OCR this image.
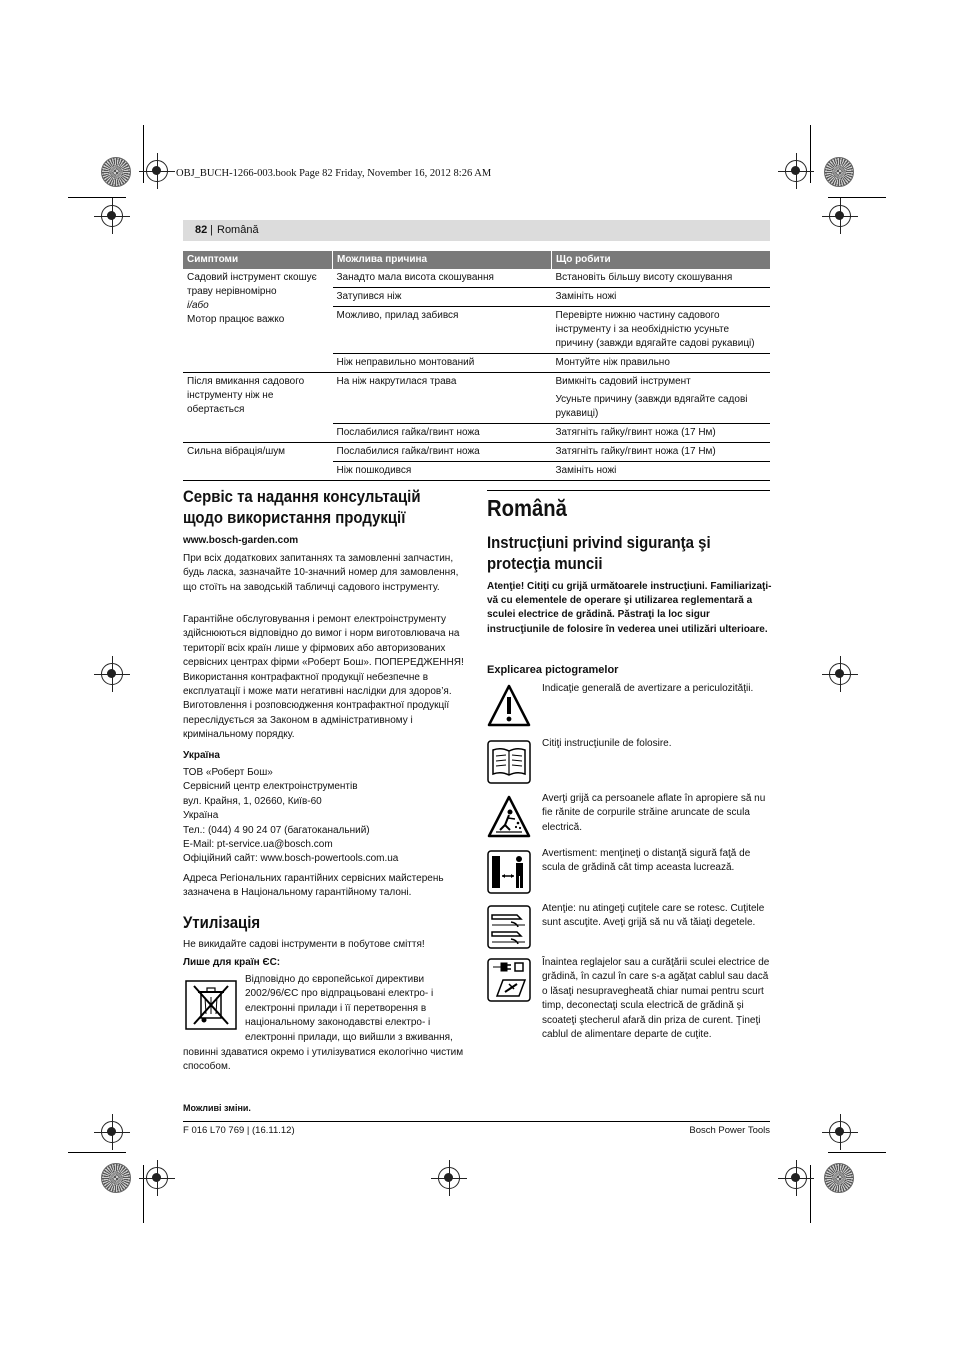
OBJ_BUCH-1266-003.book Page 82 Friday, November 16, 2012 8:26 AM
82 | Română
Симптоми	Можлива причина	Що робити

Садовий інструмент скошує траву нерівномірно
і/або
Мотор працює важко	Занадто мала висота скошування	Встановіть більшу висоту скошування
	Затупився ніж	Замініть ножі
	Можливо, прилад забився	Перевірте нижню частину садового інструменту і за необхідністю усуньте причину (завжди вдягайте садові рукавиці)
	Ніж неправильно монтований	Монтуйте ніж правильно
Після вмикання садового інструменту ніж не обертається	На ніж накрутилася трава	Вимкніть садовий інструмент
Усуньте причину (завжди вдягайте садові рукавиці)

	Послабилися гайка/гвинт ножа	Затягніть гайку/гвинт ножа (17 Нм)
Сильна вібрація/шум	Послабилися гайка/гвинт ножа	Затягніть гайку/гвинт ножа (17 Нм)
	Ніж пошкодився	Замініть ножі
Сервіс та надання консультацій щодо використання продукції
www.bosch-garden.com
При всіх додаткових запитаннях та замовленні запчастин, будь ласка, зазначайте 10-значний номер для замовлення, що стоїть на заводській табличці садового інструменту.
Гарантійне обслуговування і ремонт електроінструменту здійснюються відповідно до вимог і норм виготовлювача на території всіх країн лише у фірмових або авторизованих сервісних центрах фірми «Роберт Бош». ПОПЕРЕДЖЕННЯ! Використання контрафактної продукції небезпечне в експлуатації і може мати негативні наслідки для здоров’я. Виготовлення і розповсюдження контрафактної продукції переслідується за Законом в адміністративному і кримінальному порядку.
Україна
ТОВ «Роберт Бош»
Сервісний центр електроінструментів
вул. Крайня, 1, 02660, Київ-60
Україна
Тел.: (044) 4 90 24 07 (багатоканальний)
E-Mail: pt-service.ua@bosch.com
Офіційний сайт: www.bosch-powertools.com.ua
Адреса Регіональних гарантійних сервісних майстерень зазначена в Національному гарантійному талоні.
Утилізація
Не викидайте садові інструменти в побутове сміття!
Лише для країн ЄС:
Відповідно до європейської директиви
2002/96/ЄС про відпрацьовані електро- і
електронні прилади і її перетворення в
національному законодавстві електро- і
електронні прилади, що вийшли з вживання,
повинні здаватися окремо і утилізуватися екологічно чистим способом.
Română
Instrucţiuni privind siguranţa şi protecţia muncii
Atenţie! Citiţi cu grijă următoarele instrucţiuni. Familiarizaţi-vă cu elementele de operare şi utilizarea reglementară a sculei electrice de grădină. Păstraţi la loc sigur instrucţiunile de folosire în vederea unei utilizări ulterioare.
Explicarea pictogramelor
Indicaţie generală de avertizare a periculozităţii.
Citiţi instrucţiunile de folosire.
Averţi grijă ca persoanele aflate în apropiere să nu fie rănite de corpurile străine aruncate de scula electrică.
Avertisment: menţineţi o distanţă sigură faţă de scula de grădină cât timp aceasta lucrează.
Atenţie: nu atingeţi cuţitele care se rotesc. Cuţitele sunt ascuţite. Aveţi grijă să nu vă tăiaţi degetele.
Înaintea reglajelor sau a curăţării sculei electrice de grădină, în cazul în care s-a agăţat cablul sau dacă o lăsaţi nesupravegheată chiar numai pentru scurt timp, deconectaţi scula electrică de grădină şi scoateţi ştecherul afară din priza de curent. Ţineţi cablul de alimentare departe de cuţite.
Можливі зміни.
F 016 L70 769 | (16.11.12)	Bosch Power Tools
